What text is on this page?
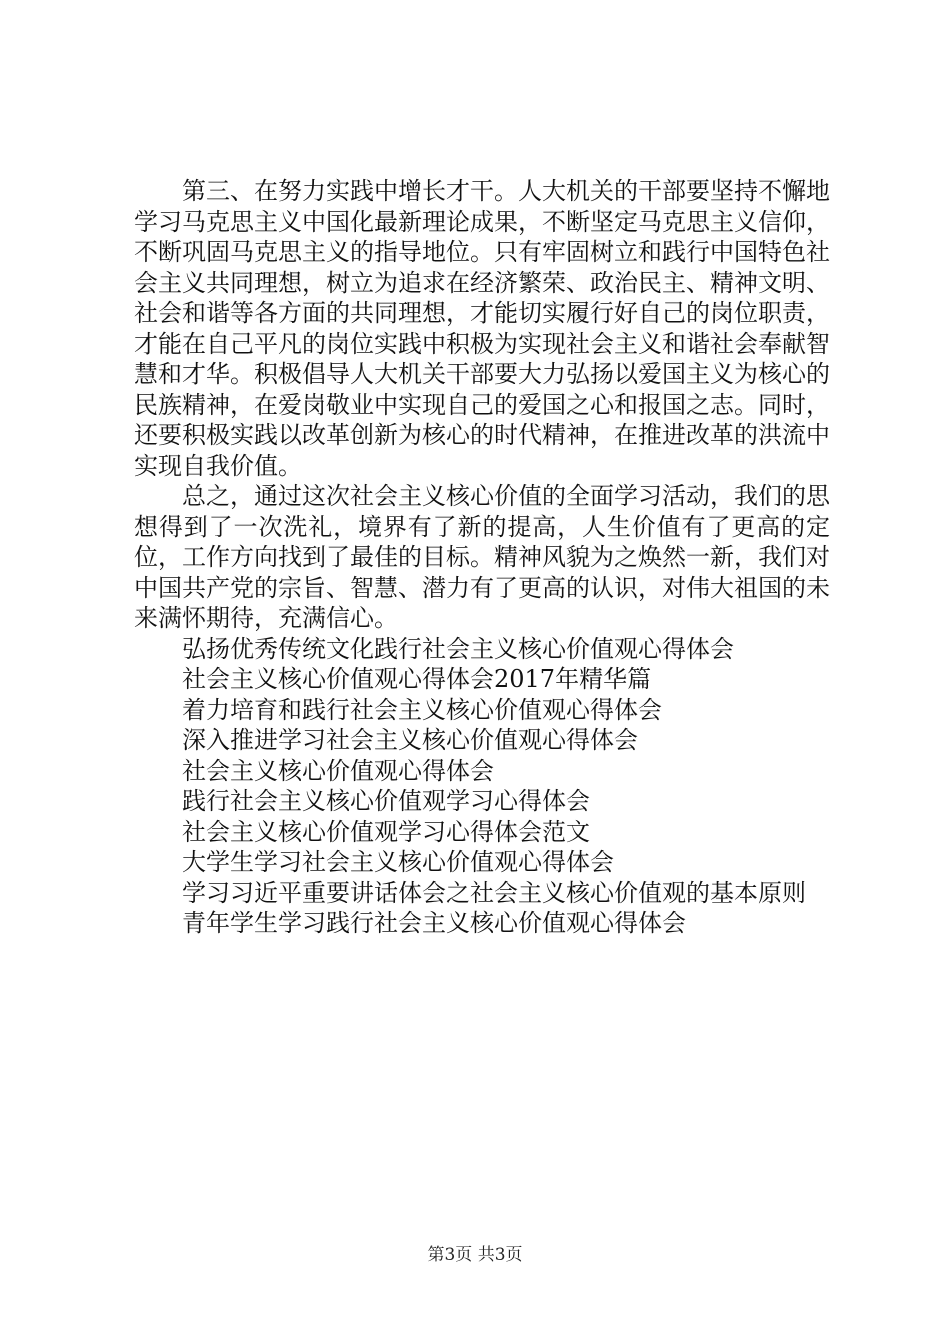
第三、在努力实践中增长才干。人大机关的干部要坚持不懈地学习马克思主义中国化最新理论成果，不断坚定马克思主义信仰，不断巩固马克思主义的指导地位。只有牢固树立和践行中国特色社会主义共同理想，树立为追求在经济繁荣、政治民主、精神文明、社会和谐等各方面的共同理想，才能切实履行好自己的岗位职责，才能在自己平凡的岗位实践中积极为实现社会主义和谐社会奉献智慧和才华。积极倡导人大机关干部要大力弘扬以爱国主义为核心的民族精神，在爱岗敬业中实现自己的爱国之心和报国之志。同时，还要积极实践以改革创新为核心的时代精神，在推进改革的洪流中实现自我价值。

总之，通过这次社会主义核心价值的全面学习活动，我们的思想得到了一次洗礼，境界有了新的提高，人生价值有了更高的定位，工作方向找到了最佳的目标。精神风貌为之焕然一新，我们对中国共产党的宗旨、智慧、潜力有了更高的认识，对伟大祖国的未来满怀期待，充满信心。

弘扬优秀传统文化践行社会主义核心价值观心得体会
社会主义核心价值观心得体会2017年精华篇
着力培育和践行社会主义核心价值观心得体会
深入推进学习社会主义核心价值观心得体会
社会主义核心价值观心得体会
践行社会主义核心价值观学习心得体会
社会主义核心价值观学习心得体会范文
大学生学习社会主义核心价值观心得体会
学习习近平重要讲话体会之社会主义核心价值观的基本原则
青年学生学习践行社会主义核心价值观心得体会
第3页 共3页
